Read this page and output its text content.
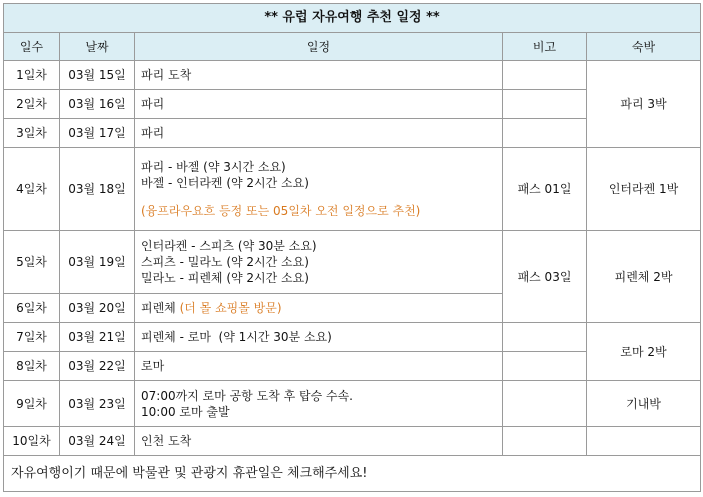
** 유럽 자유여행 추천 일정 **				
일수	날짜	일정	비고	숙박
1일차	03월 15일	파리 도착		파리 3박
2일차	03월 16일	파리		
3일차	03월 17일	파리		
4일차	03월 18일	파리 - 바젤 (약 3시간 소요)
바젤 - 인터라켄 (약 2시간 소요)
(융프라우요흐 등정 또는 05일차 오전 일정으로 추천)	패스 01일	인터라켄 1박
5일차	03월 19일	인터라켄 - 스피츠 (약 30분 소요)
스피츠 - 밀라노 (약 2시간 소요)
밀라노 - 피렌체 (약 2시간 소요)	패스 03일	피렌체 2박
6일차	03월 20일	피렌체 (더 몰 쇼핑몰 방문)		
7일차	03월 21일	피렌체 - 로마  (약 1시간 30분 소요)		로마 2박
8일차	03월 22일	로마		
9일차	03월 23일	07:00까지 로마 공항 도착 후 탑승 수속.
10:00 로마 출발		기내박
10일차	03월 24일	인천 도착		
자유여행이기 때문에 박물관 및 관광지 휴관일은 체크해주세요!				
